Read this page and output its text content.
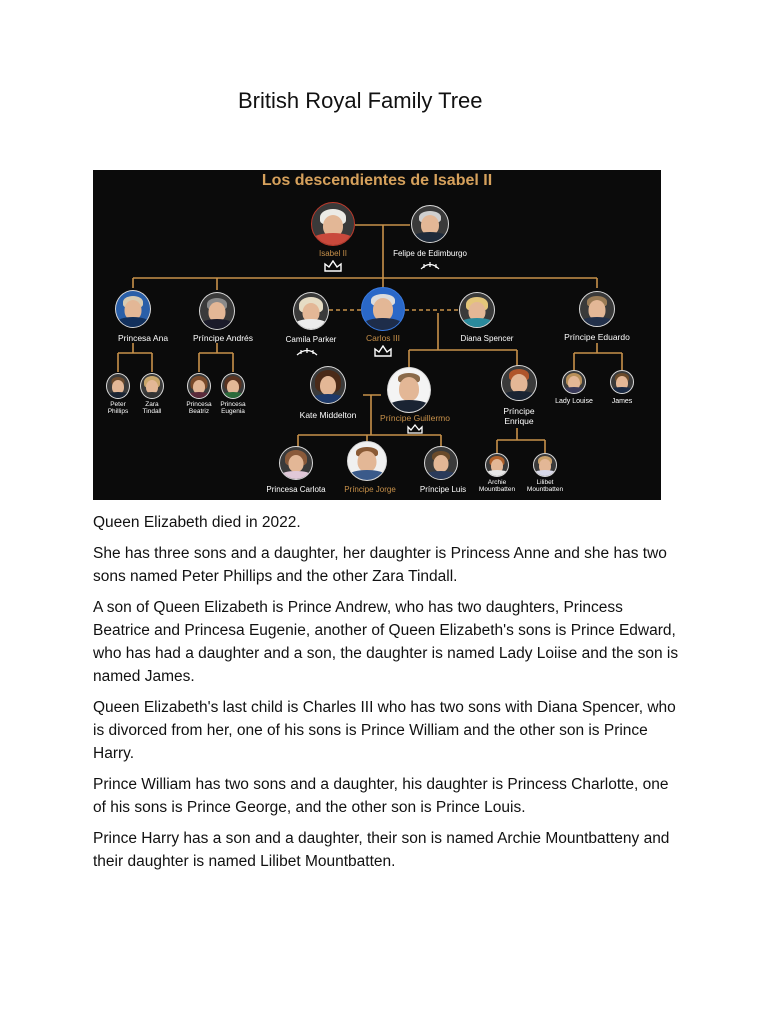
British Royal Family Tree
Los descendientes de Isabel II
Isabel II	Felipe de Edimburgo
Princesa Ana	Príncipe Andrés	Camila Parker	Carlos III	Diana Spencer	Príncipe Eduardo
Peter
Phillips
Zara
Tindall
Princesa
Beatriz
Princesa
Eugenia
Lady Louise	James
Kate Middelton	Príncipe Guillermo
Príncipe
Enrique
Princesa Carlota Príncipe Jorge	Príncipe Luis
Archie
Mountbatten
Lilibet
Mountbatten

Queen Elizabeth died in 2022.

She has three sons and a daughter, her daughter is Princess Anne and she has two sons named Peter Phillips and the other Zara Tindall.

A son of Queen Elizabeth is Prince Andrew, who has two daughters, Princess Beatrice and Princesa Eugenie, another of Queen Elizabeth's sons is Prince Edward, who has had a daughter and a son, the daughter is named Lady Loiise and the son is named James.

Queen Elizabeth's last child is Charles III who has two sons with Diana Spencer, who is divorced from her, one of his sons is Prince William and the other son is Prince Harry.

Prince William has two sons and a daughter, his daughter is Princess Charlotte, one of his sons is Prince George, and the other son is Prince Louis.

Prince Harry has a son and a daughter, their son is named Archie Mountbatteny and their daughter is named Lilibet Mountbatten.
